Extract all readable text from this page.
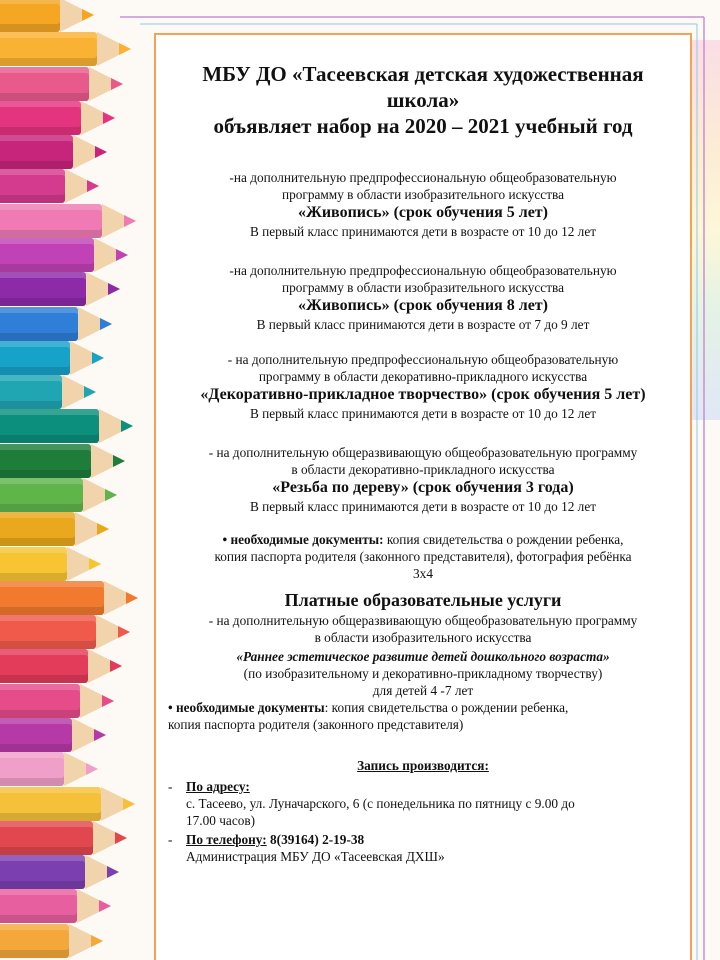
МБУ ДО «Тасеевская детская художественная

школа»

объявляет набор на 2020 – 2021 учебный год

-на дополнительную предпрофессиональную общеобразовательную

программу в области изобразительного искусства

«Живопись» (срок обучения 5 лет)

В первый класс принимаются дети в возрасте от 10 до 12 лет

-на дополнительную предпрофессиональную общеобразовательную

программу в области изобразительного искусства

«Живопись» (срок обучения 8 лет)

В первый класс принимаются дети в возрасте от 7 до 9 лет

- на дополнительную предпрофессиональную общеобразовательную

программу в области декоративно-прикладного искусства

«Декоративно-прикладное творчество» (срок обучения 5 лет)

В первый класс принимаются дети в возрасте от 10 до 12 лет

- на дополнительную общеразвивающую общеобразовательную программу

в области декоративно-прикладного искусства

«Резьба по дереву» (срок обучения 3 года)

В первый класс принимаются дети в возрасте от 10 до 12 лет

• необходимые документы: копия свидетельства о рождении ребенка,

копия паспорта родителя (законного представителя), фотография ребёнка

3х4

Платные образовательные услуги

- на дополнительную общеразвивающую общеобразовательную программу

в области изобразительного искусства

«Раннее эстетическое развитие детей дошкольного возраста»

(по изобразительному и декоративно-прикладному творчеству)

для детей 4 -7 лет

• необходимые документы: копия свидетельства о рождении ребенка,

копия паспорта родителя (законного представителя)

Запись производится:

-	По адресу:

с. Тасеево, ул. Луначарского, 6 (с понедельника по пятницу с 9.00 до

17.00 часов)

-	По телефону: 8(39164) 2-19-38

Администрация МБУ ДО «Тасеевская ДХШ»
